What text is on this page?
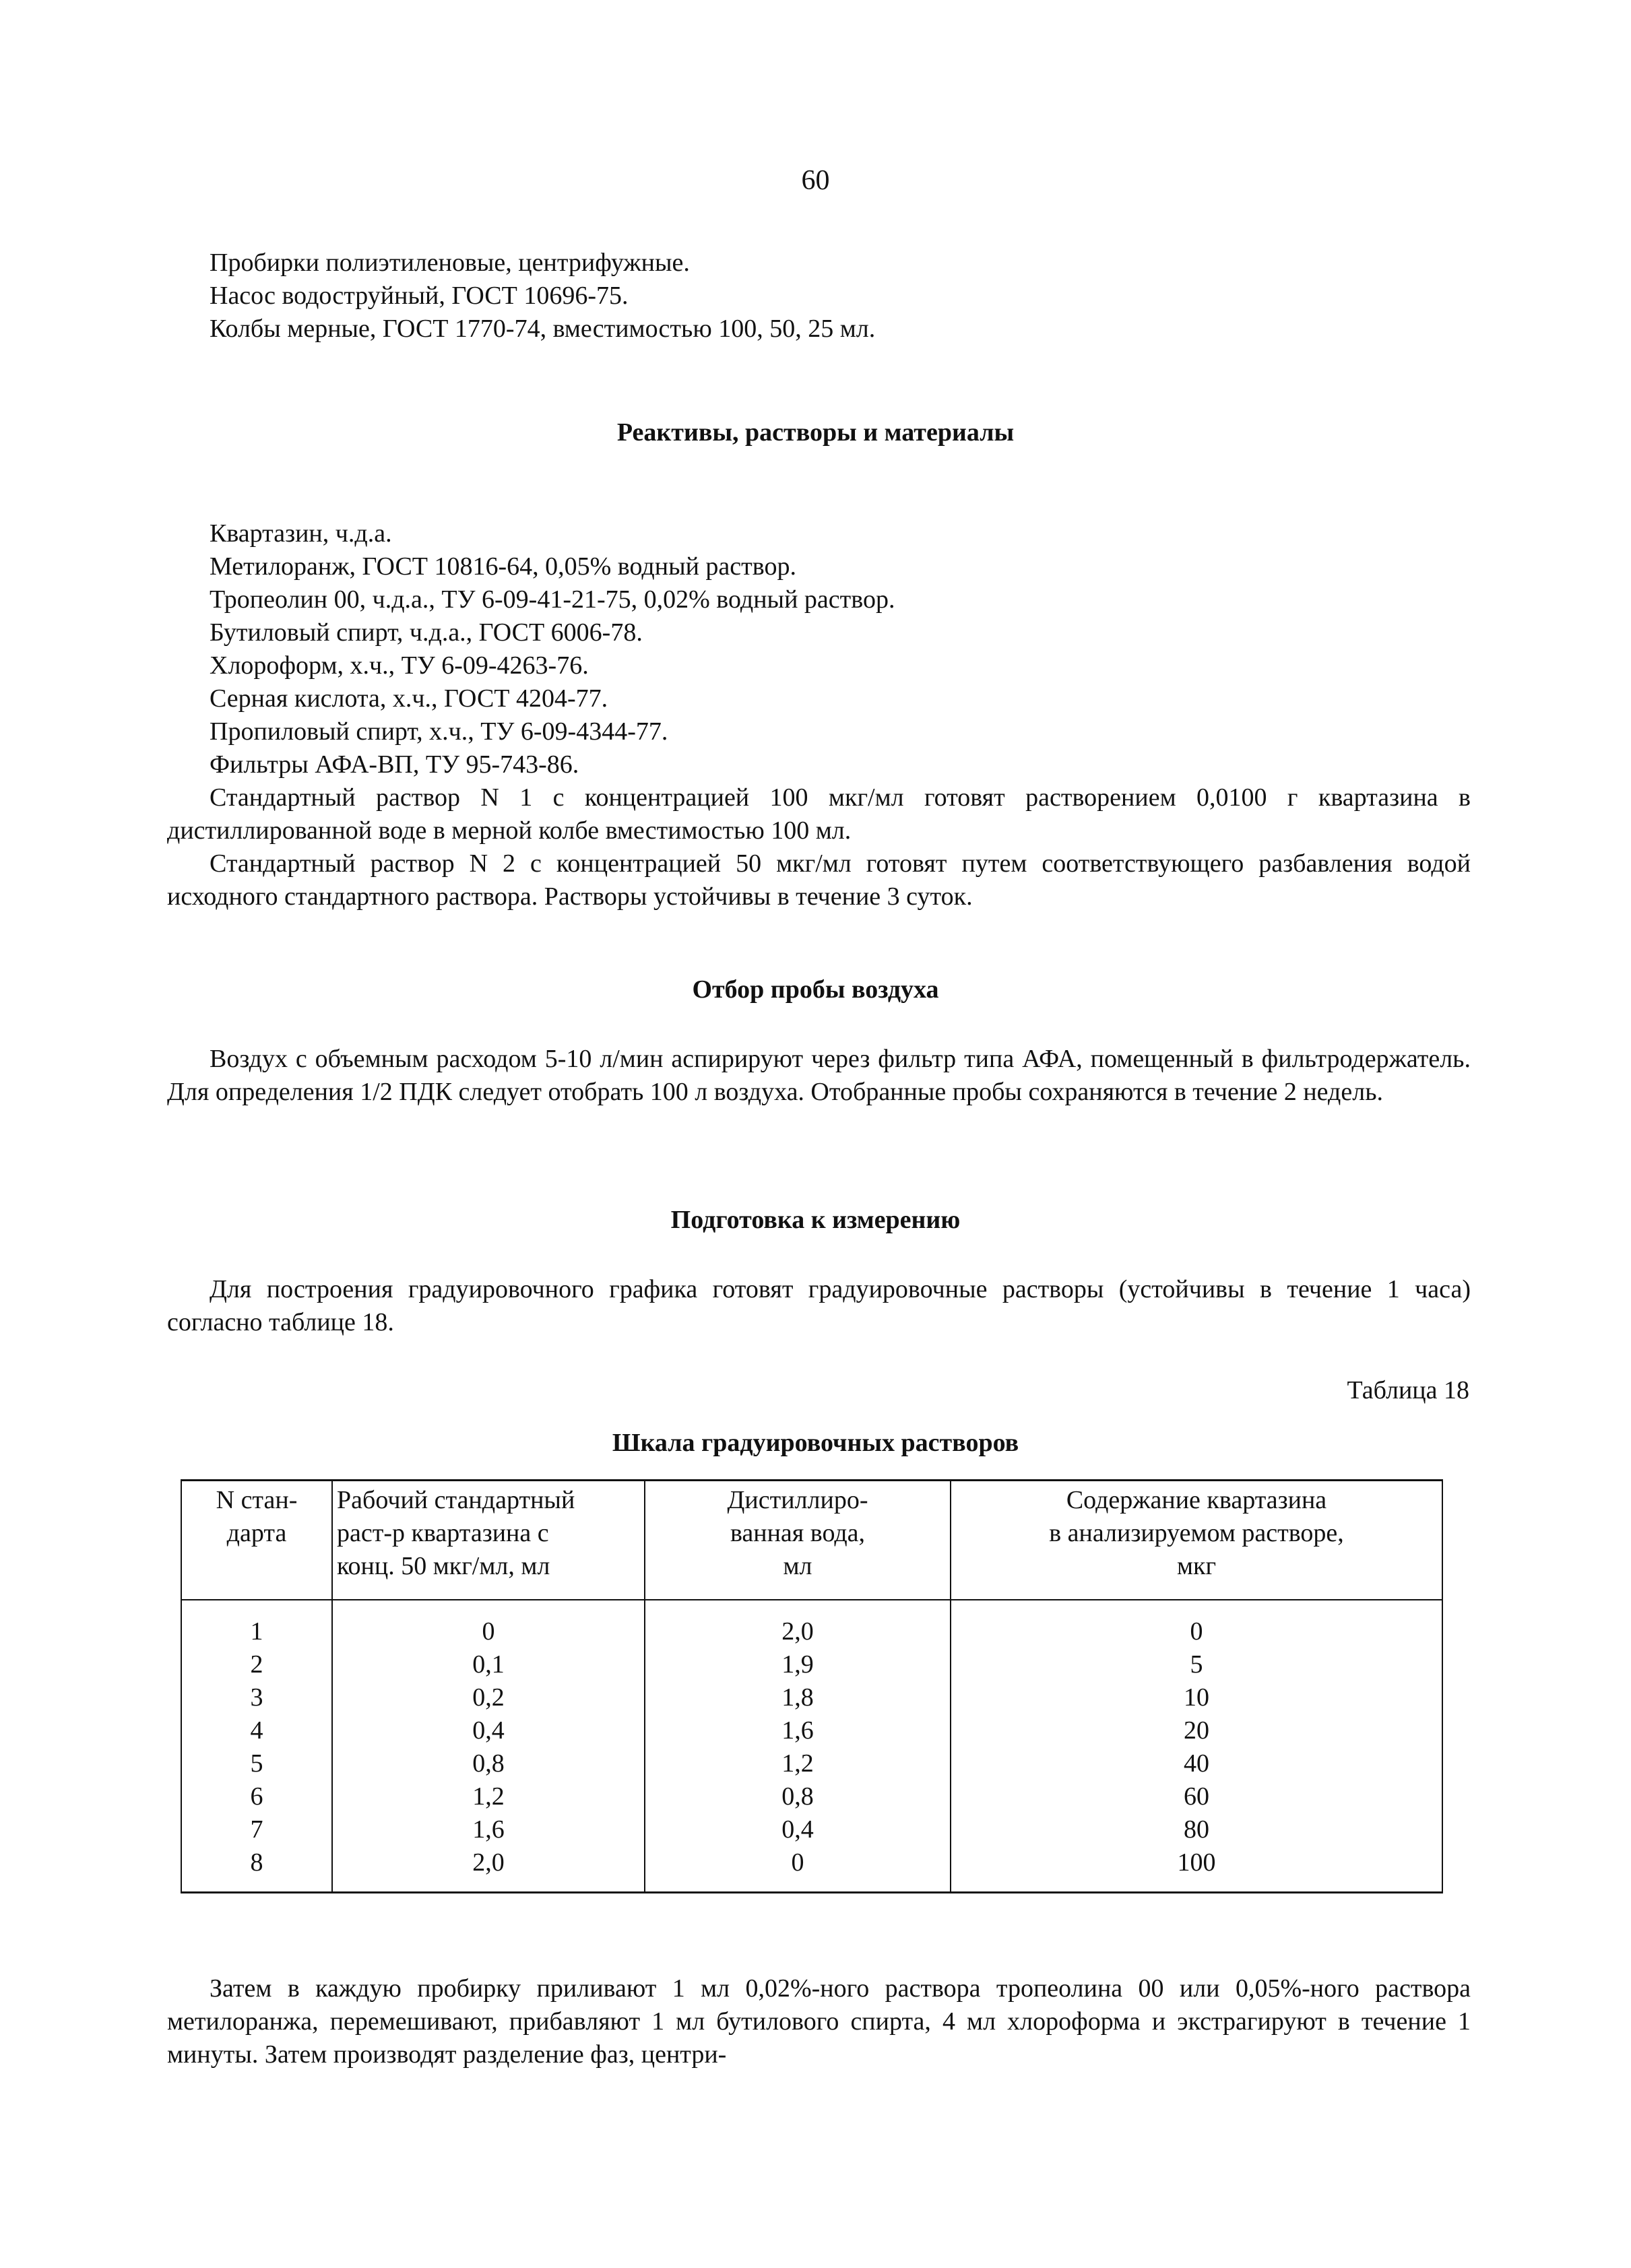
60

Пробирки полиэтиленовые, центрифужные.

Насос водоструйный, ГОСТ 10696-75.

Колбы мерные, ГОСТ 1770-74, вместимостью 100, 50, 25 мл.

Реактивы, растворы и материалы

Квартазин, ч.д.а.

Метилоранж, ГОСТ 10816-64, 0,05% водный раствор.

Тропеолин 00, ч.д.а., ТУ 6-09-41-21-75, 0,02% водный раствор.

Бутиловый спирт, ч.д.а., ГОСТ 6006-78.

Хлороформ, х.ч., ТУ 6-09-4263-76.

Серная кислота, х.ч., ГОСТ 4204-77.

Пропиловый спирт, х.ч., ТУ 6-09-4344-77.

Фильтры АФА-ВП, ТУ 95-743-86.

Стандартный раствор N 1 с концентрацией 100 мкг/мл готовят растворением 0,0100 г квартазина в дистиллированной воде в мерной колбе вместимостью 100 мл.

Стандартный раствор N 2 с концентрацией 50 мкг/мл готовят путем соответствующего разбавления водой исходного стандартного раствора. Растворы устойчивы в течение 3 суток.

Отбор пробы воздуха

Воздух с объемным расходом 5-10 л/мин аспирируют через фильтр типа АФА, помещенный в фильтродержатель. Для определения 1/2 ПДК следует отобрать 100 л воздуха. Отобранные пробы сохраняются в течение 2 недель.

Подготовка к измерению

Для построения градуировочного графика готовят градуировочные растворы (устойчивы в течение 1 часа) согласно таблице 18.

Таблица 18
Шкала градуировочных растворов
N стан-
дарта	Рабочий стандартный
раст-р квартазина с
конц. 50 мкг/мл, мл	Дистиллиро-
ванная вода,
мл	Содержание квартазина
в анализируемом растворе,
мкг
1	0	2,0	0
2	0,1	1,9	5
3	0,2	1,8	10
4	0,4	1,6	20
5	0,8	1,2	40
6	1,2	0,8	60
7	1,6	0,4	80
8	2,0	0	100

Затем в каждую пробирку приливают 1 мл 0,02%-ного раствора тропеолина 00 или 0,05%-ного раствора метилоранжа, перемешивают, прибавляют 1 мл бутилового спирта, 4 мл хлороформа и экстрагируют в течение 1 минуты. Затем производят разделение фаз, центри-
